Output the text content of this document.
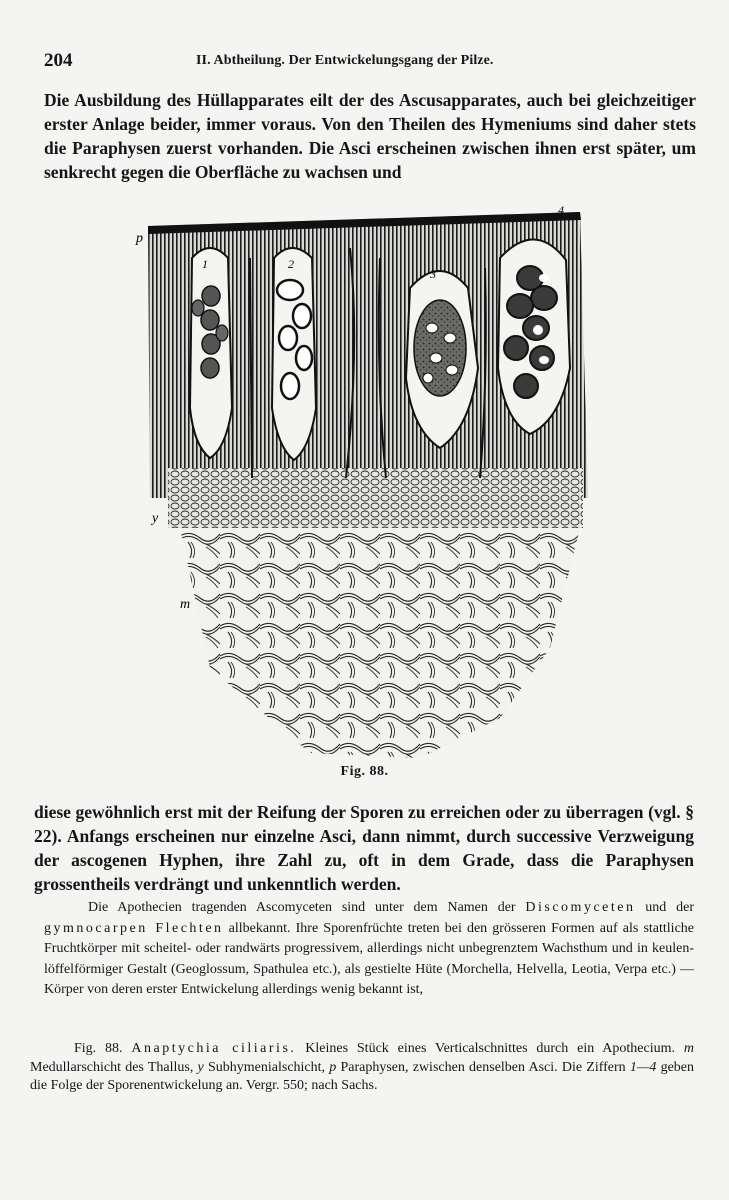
204	II. Abtheilung. Der Entwickelungsgang der Pilze.

Die Ausbildung des Hüllapparates eilt der des Ascusapparates, auch bei gleichzeitiger erster Anlage beider, immer voraus. Von den Theilen des Hymeniums sind daher stets die Paraphysen zuerst vorhanden. Die Asci erscheinen zwischen ihnen erst später, um senkrecht gegen die Oberfläche zu wachsen und

p
y
m
1	2
3
4
Fig. 88.

diese gewöhnlich erst mit der Reifung der Sporen zu erreichen oder zu überragen (vgl. § 22). Anfangs erscheinen nur einzelne Asci, dann nimmt, durch successive Verzweigung der ascogenen Hyphen, ihre Zahl zu, oft in dem Grade, dass die Paraphysen grossentheils verdrängt und unkenntlich werden.

Die Apothecien tragenden Ascomyceten sind unter dem Namen der Discomyceten und der gymnocarpen Flechten allbekannt. Ihre Sporenfrüchte treten bei den grösseren Formen auf als stattliche Fruchtkörper mit scheitel- oder randwärts progressivem, allerdings nicht unbegrenztem Wachsthum und in keulen-löffelförmiger Gestalt (Geoglossum, Spathulea etc.), als gestielte Hüte (Morchella, Helvella, Leotia, Verpa etc.) — Körper von deren erster Entwickelung allerdings wenig bekannt ist,

Fig. 88. Anaptychia ciliaris. Kleines Stück eines Verticalschnittes durch ein Apothecium. m Medullarschicht des Thallus, y Subhymenialschicht, p Paraphysen, zwischen denselben Asci. Die Ziffern 1—4 geben die Folge der Sporenentwickelung an. Vergr. 550; nach Sachs.
